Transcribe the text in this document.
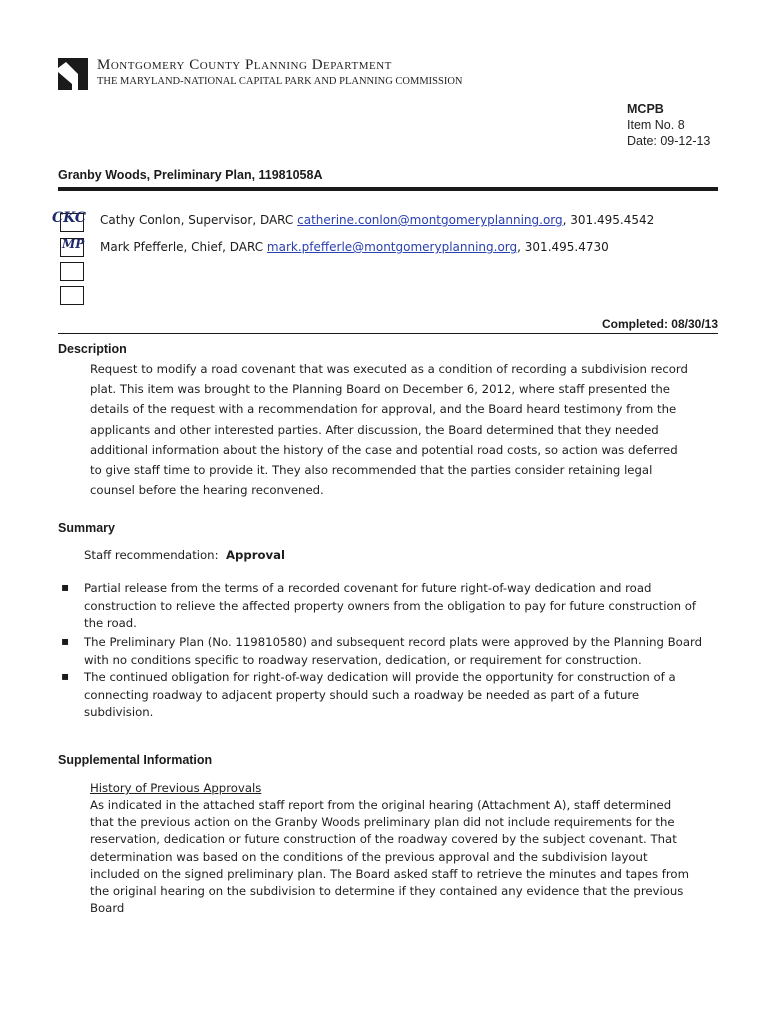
Montgomery County Planning Department
THE MARYLAND-NATIONAL CAPITAL PARK AND PLANNING COMMISSION
MCPB
Item No. 8
Date: 09-12-13
Granby Woods, Preliminary Plan, 11981058A
CKC Cathy Conlon, Supervisor, DARC catherine.conlon@montgomeryplanning.org, 301.495.4542
MP Mark Pfefferle, Chief, DARC mark.pfefferle@montgomeryplanning.org, 301.495.4730
Completed: 08/30/13
Description
Request to modify a road covenant that was executed as a condition of recording a subdivision record plat. This item was brought to the Planning Board on December 6, 2012, where staff presented the details of the request with a recommendation for approval, and the Board heard testimony from the applicants and other interested parties. After discussion, the Board determined that they needed additional information about the history of the case and potential road costs, so action was deferred to give staff time to provide it. They also recommended that the parties consider retaining legal counsel before the hearing reconvened.
Summary
Staff recommendation: Approval
▪ Partial release from the terms of a recorded covenant for future right-of-way dedication and road construction to relieve the affected property owners from the obligation to pay for future construction of the road.
▪ The Preliminary Plan (No. 119810580) and subsequent record plats were approved by the Planning Board with no conditions specific to roadway reservation, dedication, or requirement for construction.
▪ The continued obligation for right-of-way dedication will provide the opportunity for construction of a connecting roadway to adjacent property should such a roadway be needed as part of a future subdivision.
Supplemental Information
History of Previous Approvals
As indicated in the attached staff report from the original hearing (Attachment A), staff determined that the previous action on the Granby Woods preliminary plan did not include requirements for the reservation, dedication or future construction of the roadway covered by the subject covenant. That determination was based on the conditions of the previous approval and the subdivision layout included on the signed preliminary plan. The Board asked staff to retrieve the minutes and tapes from the original hearing on the subdivision to determine if they contained any evidence that the previous Board
